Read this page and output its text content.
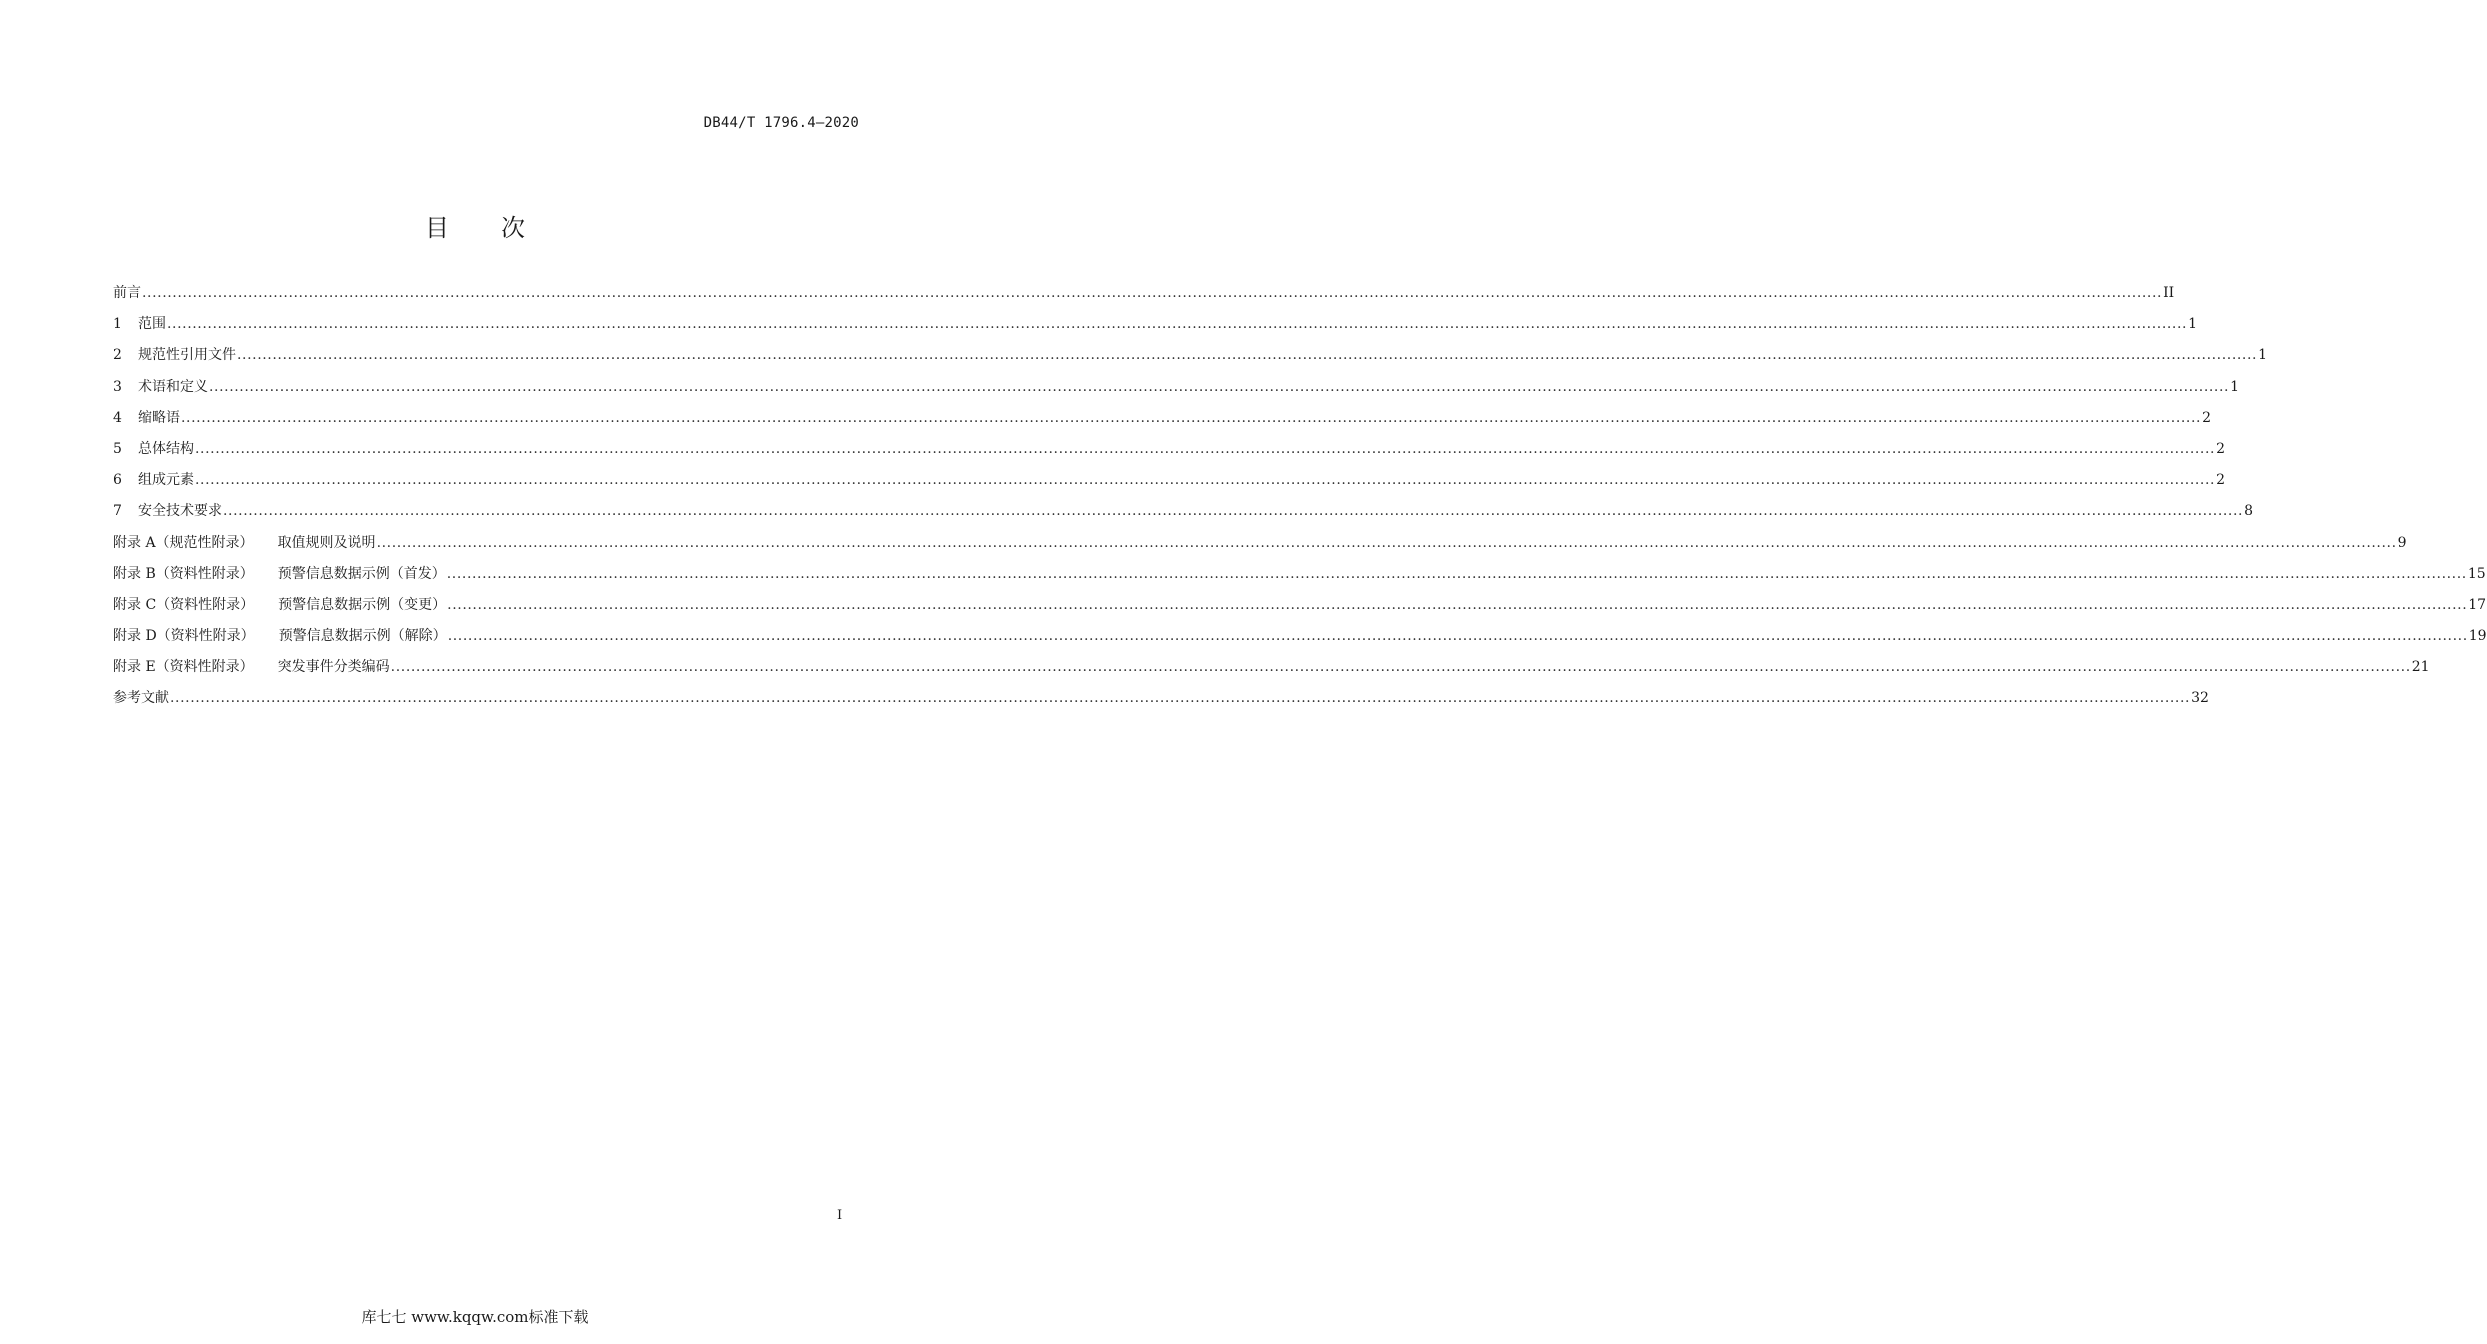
DB44/T 1796.4—2020
目 次
前言 ................................................................................................................................................................................................................................................................................................................................................................................................................ II
1	范围 ................................................................................................................................................................................................................................................................................................................................................................................................................ 1
2	规范性引用文件 ................................................................................................................................................................................................................................................................................................................................................................................................................ 1
3	术语和定义 ................................................................................................................................................................................................................................................................................................................................................................................................................ 1
4	缩略语 ................................................................................................................................................................................................................................................................................................................................................................................................................ 2
5	总体结构 ................................................................................................................................................................................................................................................................................................................................................................................................................ 2
6	组成元素 ................................................................................................................................................................................................................................................................................................................................................................................................................ 2
7	安全技术要求 ................................................................................................................................................................................................................................................................................................................................................................................................................ 8
附录 A（规范性附录） 取值规则及说明 ................................................................................................................................................................................................................................................................................................................................................................................................................ 9
附录 B（资料性附录） 预警信息数据示例（首发） ................................................................................................................................................................................................................................................................................................................................................................................................................ 15
附录 C（资料性附录） 预警信息数据示例（变更） ................................................................................................................................................................................................................................................................................................................................................................................................................ 17
附录 D（资料性附录） 预警信息数据示例（解除） ................................................................................................................................................................................................................................................................................................................................................................................................................ 19
附录 E（资料性附录） 突发事件分类编码 ................................................................................................................................................................................................................................................................................................................................................................................................................ 21
参考文献 ................................................................................................................................................................................................................................................................................................................................................................................................................ 32
I
库七七 www.kqqw.com标准下载
